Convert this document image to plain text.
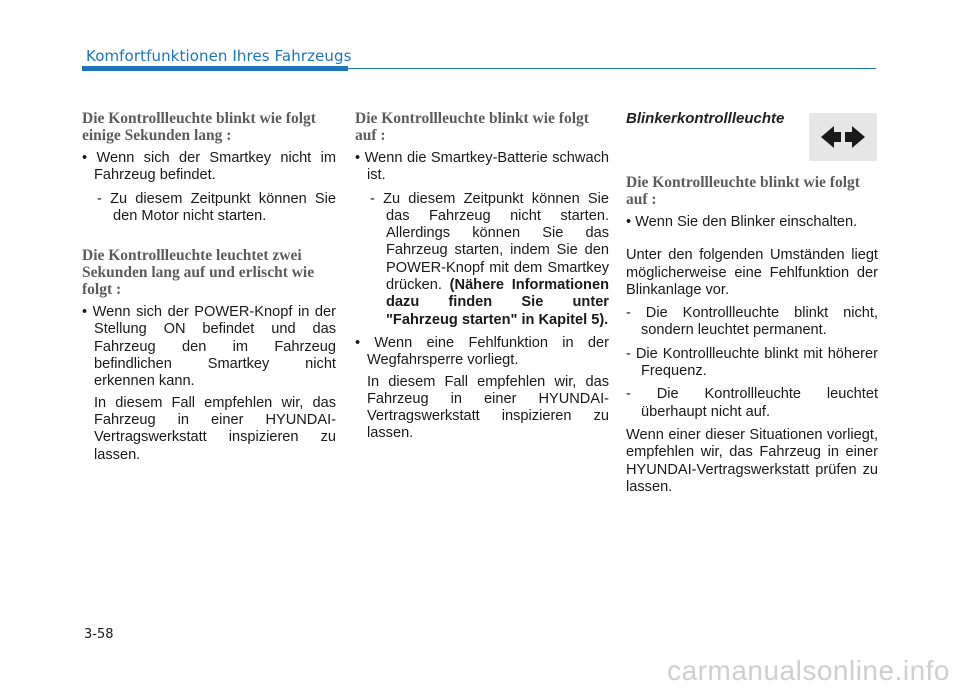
Komfortfunktionen Ihres Fahrzeugs
Die Kontrollleuchte blinkt wie folgt einige Sekunden lang :

• Wenn sich der Smartkey nicht im Fahrzeug befindet.

- Zu diesem Zeitpunkt können Sie den Motor nicht starten.

Die Kontrollleuchte leuchtet zwei Sekunden lang auf und erlischt wie folgt :

• Wenn sich der POWER-Knopf in der Stellung ON befindet und das Fahrzeug den im Fahrzeug befindlichen Smartkey nicht erkennen kann.

In diesem Fall empfehlen wir, das Fahrzeug in einer HYUNDAI-Vertragswerkstatt inspizieren zu lassen.

Die Kontrollleuchte blinkt wie folgt auf :

• Wenn die Smartkey-Batterie schwach ist.

- Zu diesem Zeitpunkt können Sie das Fahrzeug nicht starten. Allerdings können Sie das Fahrzeug starten, indem Sie den POWER-Knopf mit dem Smartkey drücken. (Nähere Informationen dazu finden Sie unter "Fahrzeug starten" in Kapitel 5).

• Wenn eine Fehlfunktion in der Wegfahrsperre vorliegt.

In diesem Fall empfehlen wir, das Fahrzeug in einer HYUNDAI-Vertragswerkstatt inspizieren zu lassen.

Blinkerkontrollleuchte
Die Kontrollleuchte blinkt wie folgt auf :

• Wenn Sie den Blinker einschalten.

Unter den folgenden Umständen liegt möglicherweise eine Fehlfunktion der Blinkanlage vor.

- Die Kontrollleuchte blinkt nicht, sondern leuchtet permanent.

- Die Kontrollleuchte blinkt mit höherer Frequenz.

- Die Kontrollleuchte leuchtet überhaupt nicht auf.

Wenn einer dieser Situationen vorliegt, empfehlen wir, das Fahrzeug in einer HYUNDAI-Vertragswerkstatt prüfen zu lassen.

3-58
carmanualsonline.info
